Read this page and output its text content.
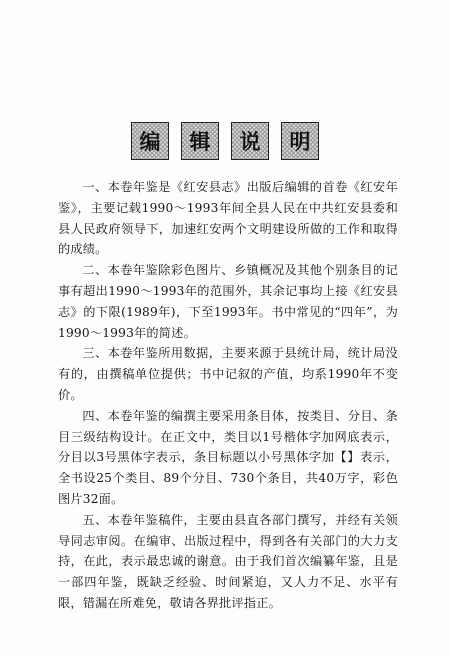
编 辑 说 明

一、本卷年鉴是《红安县志》出版后编辑的首卷《红安年鉴》，主要记载1990～1993年间全县人民在中共红安县委和县人民政府领导下，加速红安两个文明建设所做的工作和取得的成绩。

二、本卷年鉴除彩色图片、乡镇概况及其他个别条目的记事有超出1990～1993年的范围外，其余记事均上接《红安县志》的下限(1989年)，下至1993年。书中常见的“四年”，为1990～1993年的简述。

三、本卷年鉴所用数据，主要来源于县统计局，统计局没有的，由撰稿单位提供；书中记叙的产值，均系1990年不变价。

四、本卷年鉴的编撰主要采用条目体，按类目、分目、条目三级结构设计。在正文中，类目以1号楷体字加网底表示，分目以3号黑体字表示，条目标题以小号黑体字加【】表示，全书设25个类目、89个分目、730个条目，共40万字，彩色图片32面。

五、本卷年鉴稿件，主要由县直各部门撰写，并经有关领导同志审阅。在编审、出版过程中，得到各有关部门的大力支持，在此，表示最忠诚的谢意。由于我们首次编纂年鉴，且是一部四年鉴，既缺乏经验、时间紧迫，又人力不足、水平有限，错漏在所难免，敬请各界批评指正。
